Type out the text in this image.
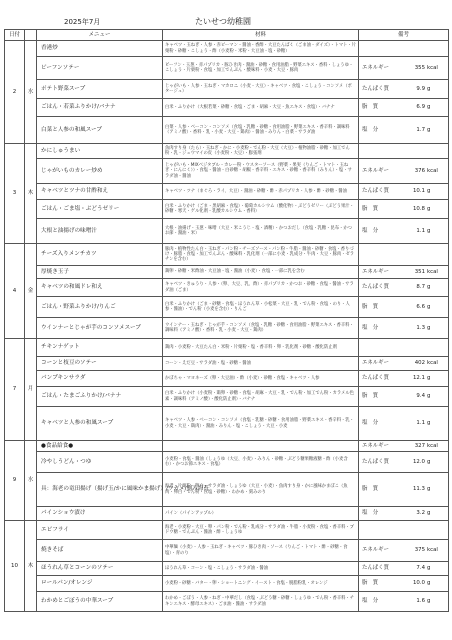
2025年7月	たいせつ幼稚園
日付		メニュー	材料	備考
2	水	香港炒	キャベツ・玉ねぎ・人参・赤ピーマン・醤油・香酢・大豆たんぱく（ごま油・ダイズ）・トマト・片栗粉・砂糖・こしょう・酢（小麦粉・米粉・大豆油・塩・砂糖）	
		ビーフンソテー	ビーフン・玉葱・赤パプリカ・豚ひき肉・醤油・砂糖・食用油脂・野菜エキス・香料・しょうゆ・こしょう・片栗粉・食塩・加工でんぷん・酸味料・小麦・大豆・豚肉	エネルギー 355 kcal

		ポテト野菜スープ	じゃがいも・人参・玉ねぎ・マカロニ（小麦・大豆）・キャベツ・食塩・こしょう・コンソメ（ポタージュ）	たんぱく質 9.9 g

		ごはん・若菜ふりかけ/バナナ	白米・ふりかけ（大根若菜・砂糖・食塩・ごま・胡麻・大豆・魚エキス・食塩）・バナナ	脂　質 6.9 g

		白菜と人参の和風スープ	白菜・人参・ベーコン・コンソメ（食塩・乳糖・砂糖・食用油脂・野菜エキス・香辛料・調味料（アミノ酸）・香料・乳・小麦・大豆・鶏肉）・醤油・みりん・白菜・サラダ油	塩　分 1.7 g

3	木	かにしゅうまい	魚肉すり身（たら）・玉ねぎ・かに・小麦粉・でん粉・大豆（大豆）・植物油脂・砂糖・加工でん粉・乳・ジュウマイの皮（小麦粉・大豆）・膨張剤	
		じゃがいものカレー炒め	じゃがいも・MIXベジタブル・カレー粉・ウスターソース（野菜・果実（りんご・トマト・玉ねぎ・にんにく））・食塩・醤油・白砂糖・胡椒・香辛料・エキス・砂糖・香辛料（みりん）・塩・サラダ油・醤油	エネルギー 376 kcal

		キャベツとツナの甘酢和え	キャベツ・ツナ（まぐろ・ライ、大豆）・醤油・砂糖・酢・赤パプリカ・人参・酢・砂糖・醤油	たんぱく質 10.1 g

		ごはん・ごま塩・ぶどうゼリー	白米・ふりかけ（ごま・黒胡麻・食塩）・葡萄カルシウム（酸化物）・ぶどうゼリー（ぶどう果汁・砂糖・寒天・ゲル化剤・乳酸カルシウム・香料）	脂　質 10.8 g

		大根と油揚げの味噌汁	大根・油揚げ・玉葱・味噌（大豆・米こうじ・塩・酒精）・かつおだし（食塩・乳糖・昆布・かつお節・醤油・米）	塩　分 1.1 g

4	金	チーズ入りメンチカツ	豚肉・植物性たん白・玉ねぎ・パン粉・チーズソース・パン粉・牛脂・醤油・砂糖・食塩・香りづけ・豚脂・食塩・加工でんぷん・酸味料・乳化剤（一部に小麦・乳成分・牛肉・大豆・豚肉・ゼラチンを含む）	
		厚焼き玉子	鶏卵・砂糖・米酢油・大豆油・塩・醤油（小麦）・食塩・一部に乳を含む	エネルギー 351 kcal

		キャベツの和風ドレ和え	キャベツ・きゅうり・人参・（卵、大豆、乳、酢）・赤パプリカ・かつお・砂糖・食塩・醤油・サラダ油（ごま）	たんぱく質 8.7 g

		ごはん・野菜ふりかけ/りんご	白米・ふりかけ（ごま・砂糖・食塩・ほうれん草・小松菜・大豆・乳・でん粉・食塩・のり・人参・醤油）・でん粉（小麦を含む）・りんご	脂　質 6.6 g

		ウインナーとじゃが芋のコンソメスープ	ウインナー・玉ねぎ・じゃが芋・コンソメ（食塩・乳糖・砂糖・食用油脂・野菜エキス・香辛料・調味料（アミノ酸）・香料・乳・小麦・大豆・鶏肉）	塩　分 1.3 g

7	月	チキンナゲット	鶏肉・小麦粉・大豆たん白・米粉・片栗粉・塩・香辛料・卵・乳化剤・砂糖・酸化防止剤	
		コーンと枝豆のソテー	コーン・えだ豆・サラダ油・塩・砂糖・醤油	エネルギー 402 kcal

		パンプキンサラダ	かぼちゃ・マヨネーズ（卵・大豆油）・酢（小麦）・砂糖・食塩・キャベツ・人参	たんぱく質 12.1 g

		ごはん・たまごふりかけ/バナナ	白米・ふりかけ（小麦粉・鶏卵・砂糖・食塩・胡麻・大豆・乳・でん粉・加工でん粉・カラメル色素・調味料（アミノ酸）・酸化防止剤）・バナナ	脂　質 9.4 g

		キャベツと人参の和風スープ	キャベツ・人参・ベーコン・コンソメ（食塩・乳糖・砂糖・食用油脂・野菜エキス・香辛料・乳・小麦・大豆・鶏肉）・醤油・みりん・塩・こしょう・大豆・小麦	塩　分 1.1 g

9	水	●食品給食●		エネルギー 327 kcal

		冷やしうどん・つゆ	小麦粉・食塩・醤油（しょうゆ（大豆、小麦）・みりん・砂糖・ぶどう糖果糖液糖・酢（小麦含む）・かつお節エキス・食塩）	たんぱく質 12.0 g

		具：海老の竜田揚げ（揚げ玉/かに風味かま揚げ）/ワカメ/刻み海苔	海老・片栗粉・卵白・サラダ油・しょうゆ（大豆・小麦）・魚肉すり身・かに風味かまぼこ（魚肉・卵白・でん粉・食塩・砂糖）・わかめ・刻みのり	脂　質 11.3 g

		パインショウ漬け	パイン（パインアップル）	塩　分 3.2 g

10	木	エビフライ	海老・小麦粉・大豆・卵・パン粉・でん粉・乳成分・サラダ油・牛脂・小麦粉・食塩・香辛料・ブドウ糖・でんぷん・醤油・酢・しょうゆ	
		焼きそば	中華麺（小麦）・人参・玉ねぎ・キャベツ・豚ひき肉・ソース（りんご・トマト・酢・砂糖・食塩）・青のり	エネルギー 375 kcal

		ほうれん草とコーンのソテー	ほうれん草・コーン・塩・こしょう・サラダ油・醤油	たんぱく質 7.4 g

		ロールパン/オレンジ	小麦粉・砂糖・バター・卵・ショートニング・イースト・食塩・脱脂粉乳・オレンジ	脂　質 10.0 g

		わかめとごぼうの中華スープ	わかめ・ごぼう・人参・ねぎ・中華だし（食塩・ぶどう糖・砂糖・しょうゆ・でん粉・香辛料・チキンエキス・酵母エキス）・ごま油・醤油・サラダ油	塩　分 1.6 g
